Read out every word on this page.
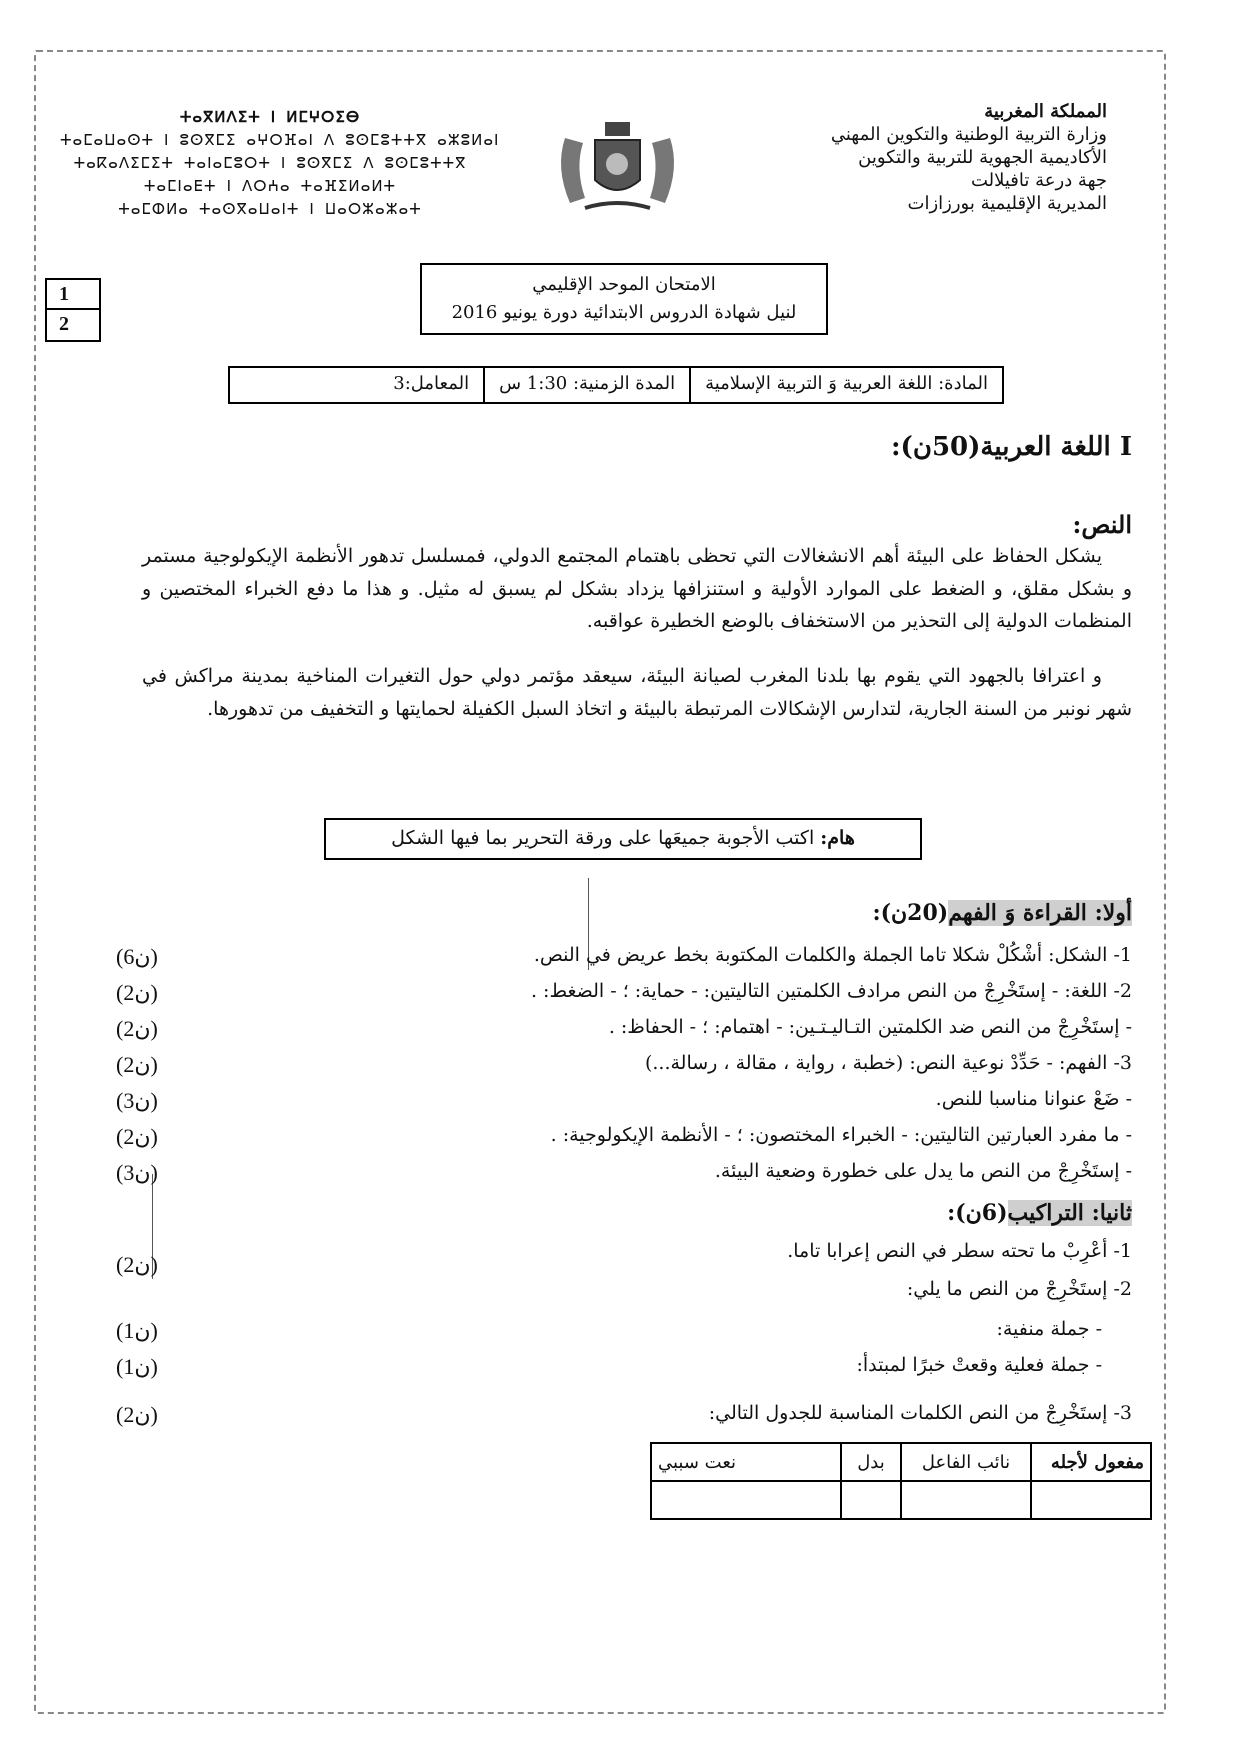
المملكة المغربية
وزارة التربية الوطنية والتكوين المهني
الأكاديمية الجهوية للتربية والتكوين
جهة درعة تافيلالت
المديرية الإقليمية بورزازات
ⵜⴰⴳⵍⴷⵉⵜ ⵏ ⵍⵎⵖⵔⵉⴱ
ⵜⴰⵎⴰⵡⴰⵙⵜ ⵏ ⵓⵙⴳⵎⵉ ⴰⵖⵔⴼⴰⵏ ⴷ ⵓⵙⵎⵓⵜⵜⴳ ⴰⵣⵓⵍⴰⵏ
ⵜⴰⴽⴰⴷⵉⵎⵉⵜ ⵜⴰⵏⴰⵎⵓⵔⵜ ⵏ ⵓⵙⴳⵎⵉ ⴷ ⵓⵙⵎⵓⵜⵜⴳ
ⵜⴰⵎⵏⴰⴹⵜ ⵏ ⴷⵔⵄⴰ ⵜⴰⴼⵉⵍⴰⵍⵜ
ⵜⴰⵎⵀⵍⴰ ⵜⴰⵙⴳⴰⵡⴰⵏⵜ ⵏ ⵡⴰⵔⵣⴰⵣⴰⵜ
1
2
الامتحان الموحد الإقليمي
لنيل شهادة الدروس الابتدائية دورة يونيو 2016
المادة: اللغة العربية وَ التربية الإسلامية
المدة الزمنية: 1:30 س
المعامل:3
I اللغة العربية(50ن):
النص:
يشكل الحفاظ على البيئة أهم الانشغالات التي تحظى باهتمام المجتمع الدولي، فمسلسل تدهور الأنظمة الإيكولوجية مستمر و بشكل مقلق، و الضغط على الموارد الأولية و استنزافها يزداد بشكل لم يسبق له مثيل. و هذا ما دفع الخبراء المختصين و المنظمات الدولية إلى التحذير من الاستخفاف بالوضع الخطيرة عواقبه.
و اعترافا بالجهود التي يقوم بها بلدنا المغرب لصيانة البيئة، سيعقد مؤتمر دولي حول التغيرات المناخية بمدينة مراكش في شهر نونبر من السنة الجارية، لتدارس الإشكالات المرتبطة بالبيئة و اتخاذ السبل الكفيلة لحمايتها و التخفيف من تدهورها.
هام: اكتب الأجوبة جميعَها على ورقة التحرير بما فيها الشكل
أولا: القراءة وَ الفهم(20ن):
1- الشكل: أشْكُلْ شكلا تاما الجملة والكلمات المكتوبة بخط عريض في النص.
(6ن)
2- اللغة: - إستَخْرِجْ من النص مرادف الكلمتين التاليتين: - حماية: ؛ - الضغط: .
(2ن)
- إستَخْرِجْ من النص ضد الكلمتين التـاليـتـين: - اهتمام: ؛ - الحفاظ: .
(2ن)
3- الفهم: - حَدِّدْ نوعية النص: (خطبة ، رواية ، مقالة ، رسالة...)
(2ن)
- ضَعْ عنوانا مناسبا للنص.
(3ن)
- ما مفرد العبارتين التاليتين: - الخبراء المختصون: ؛ - الأنظمة الإيكولوجية: .
(2ن)
- إستَخْرِجْ من النص ما يدل على خطورة وضعية البيئة.
(3ن)
ثانيا: التراكيب(6ن):
1- أعْرِبْ ما تحته سطر في النص إعرابا تاما.
(2ن)
2- إستَخْرِجْ من النص ما يلي:
- جملة منفية:
(1ن)
- جملة فعلية وقعتْ خبرًا لمبتدأ:
(1ن)
3- إستَخْرِجْ من النص الكلمات المناسبة للجدول التالي:
(2ن)
مفعول لأجله	نائب الفاعل	بدل	نعت سببي
